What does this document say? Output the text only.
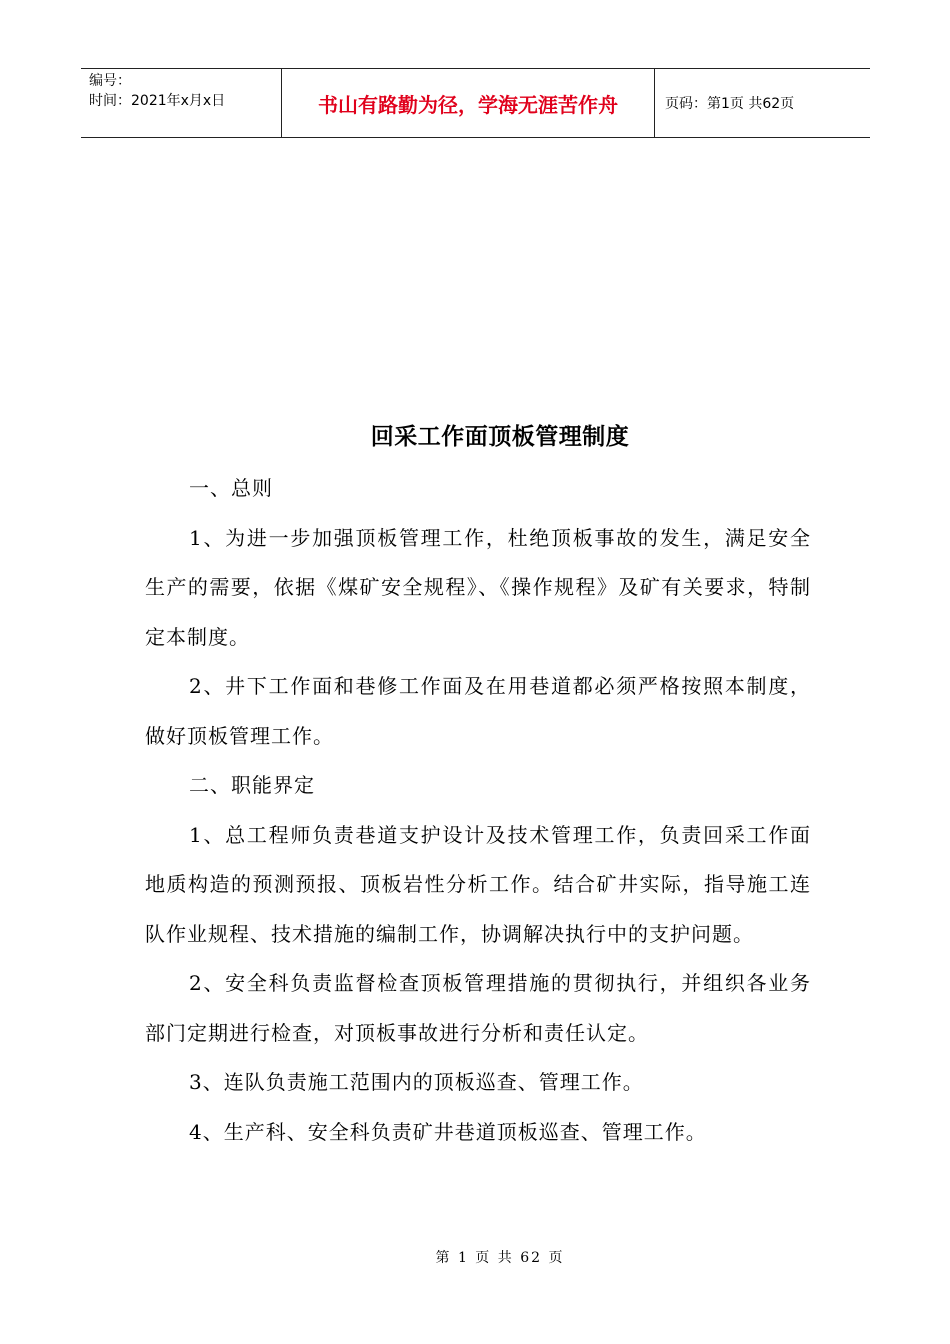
编号：
时间：2021年x月x日	书山有路勤为径，学海无涯苦作舟	页码：第1页 共62页
回采工作面顶板管理制度

一、总则

1、为进一步加强顶板管理工作，杜绝顶板事故的发生，满足安全生产的需要，依据《煤矿安全规程》、《操作规程》及矿有关要求，特制定本制度。

2、井下工作面和巷修工作面及在用巷道都必须严格按照本制度，做好顶板管理工作。

二、职能界定

1、总工程师负责巷道支护设计及技术管理工作，负责回采工作面地质构造的预测预报、顶板岩性分析工作。结合矿井实际，指导施工连队作业规程、技术措施的编制工作，协调解决执行中的支护问题。

2、安全科负责监督检查顶板管理措施的贯彻执行，并组织各业务部门定期进行检查，对顶板事故进行分析和责任认定。

3、连队负责施工范围内的顶板巡查、管理工作。

4、生产科、安全科负责矿井巷道顶板巡查、管理工作。

第 1 页 共 62 页
